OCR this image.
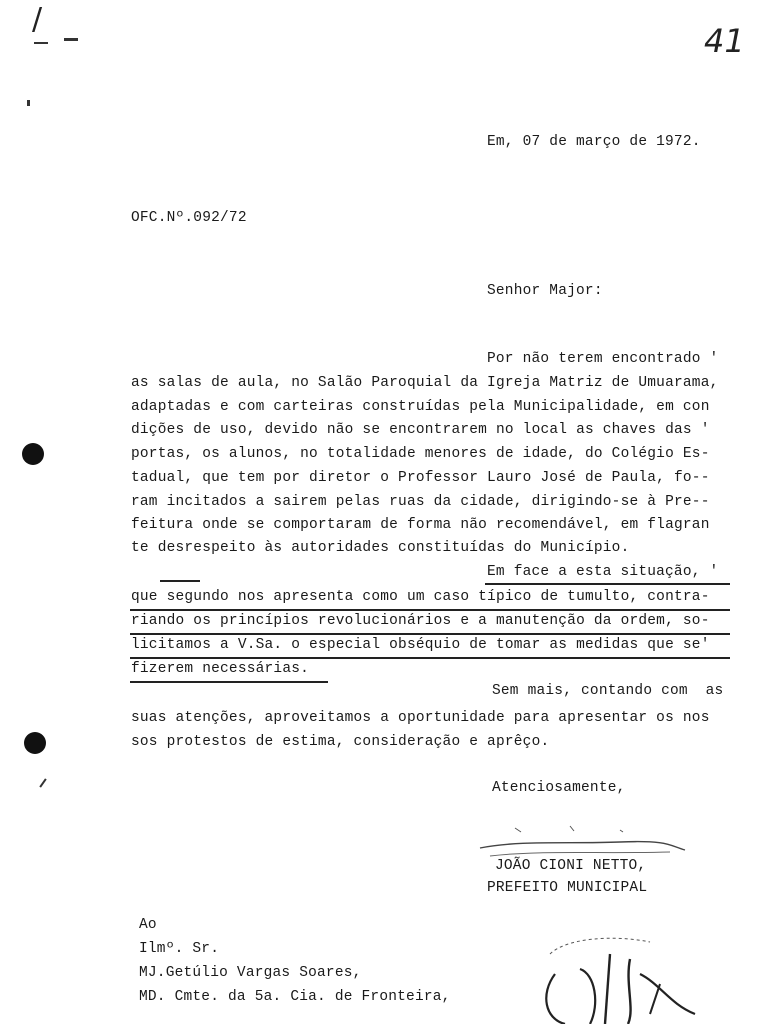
/
41
Em, 07 de março de 1972.
OFC.Nº.092/72
Senhor Major:
Por não terem encontrado '
as salas de aula, no Salão Paroquial da Igreja Matriz de Umuarama,
adaptadas e com carteiras construídas pela Municipalidade, em con
dições de uso, devido não se encontrarem no local as chaves das '
portas, os alunos, no totalidade menores de idade, do Colégio Es-
tadual, que tem por diretor o Professor Lauro José de Paula, fo--
ram incitados a sairem pelas ruas da cidade, dirigindo-se à Pre--
feitura onde se comportaram de forma não recomendável, em flagran
te desrespeito às autoridades constituídas do Município.
Em face a esta situação, '
que segundo nos apresenta como um caso típico de tumulto, contra-
riando os princípios revolucionários e a manutenção da ordem, so-
licitamos a V.Sa. o especial obséquio de tomar as medidas que se'
fizerem necessárias.
Sem mais, contando com  as
suas atenções, aproveitamos a oportunidade para apresentar os nos
sos protestos de estima, consideração e aprêço.
Atenciosamente,
JOÃO CIONI NETTO,
PREFEITO MUNICIPAL
Ao
Ilmº. Sr.
MJ.Getúlio Vargas Soares,
MD. Cmte. da 5a. Cia. de Fronteira,
